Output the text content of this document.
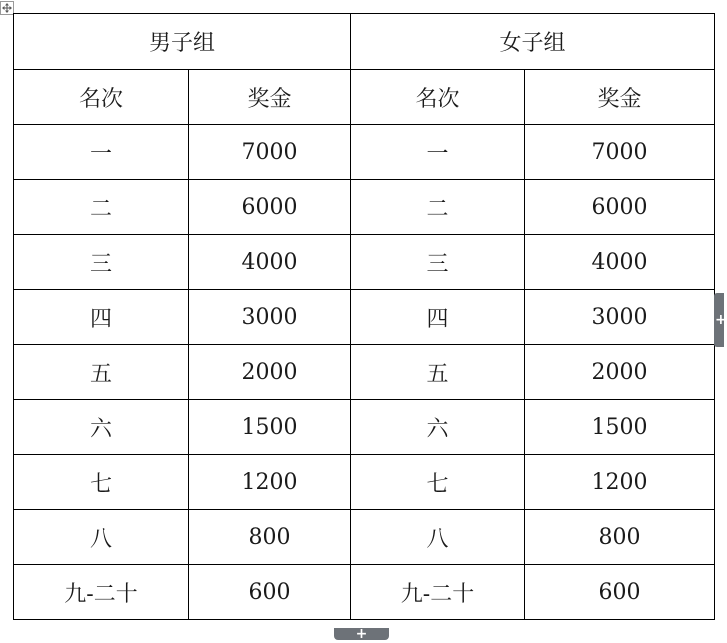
男子组		女子组	
名次	奖金	名次	奖金
一	7000	一	7000
二	6000	二	6000
三	4000	三	4000
四	3000	四	3000
五	2000	五	2000
六	1500	六	1500
七	1200	七	1200
八	800	八	800
九-二十	600	九-二十	600
+
+
